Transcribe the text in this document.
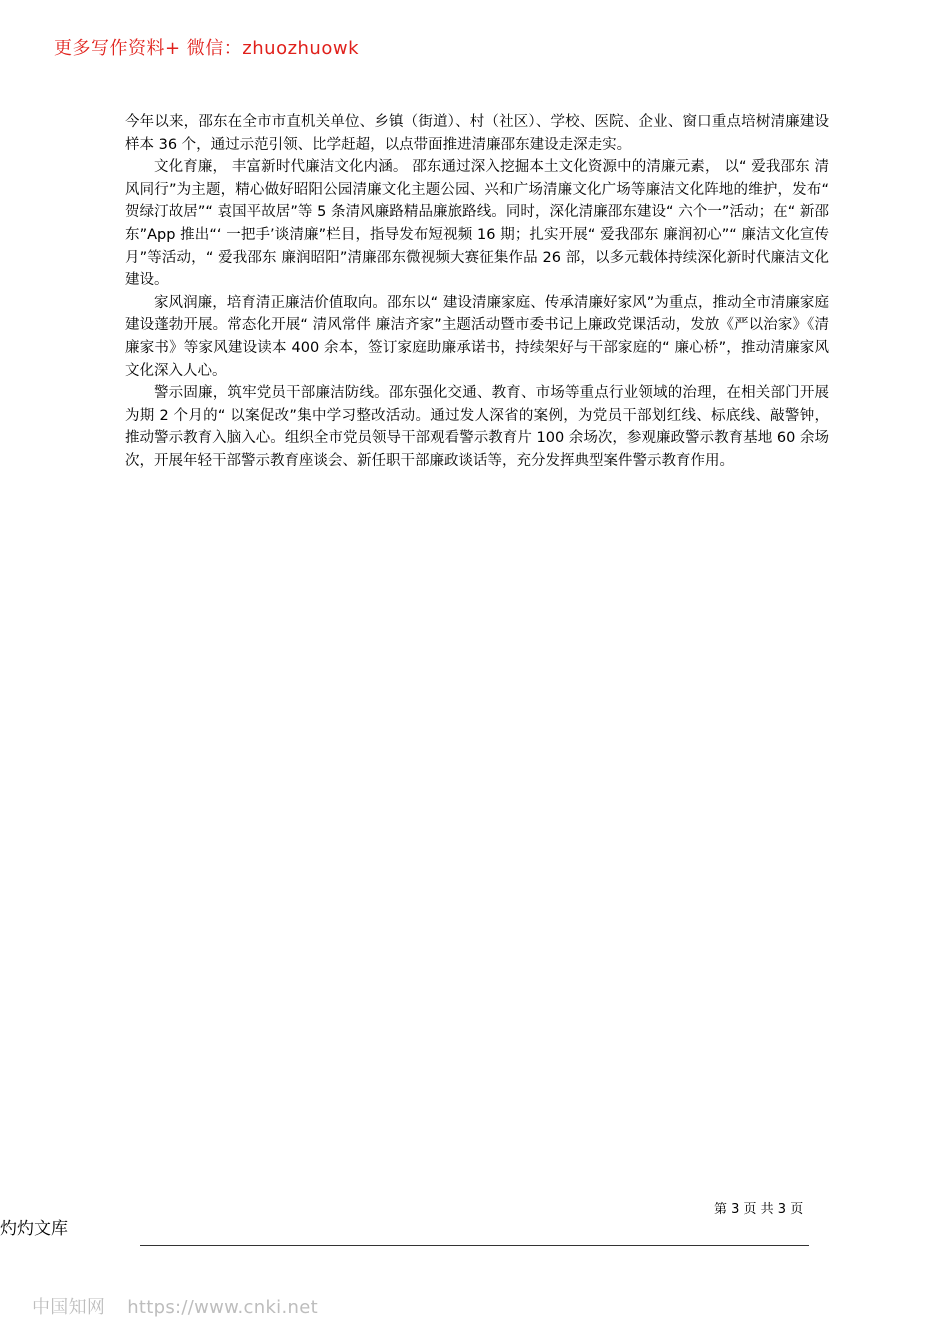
更多写作资料+ 微信：zhuozhuowk

今年以来，邵东在全市市直机关单位、乡镇（街道）、村（社区）、学校、医院、企业、窗口重点培树清廉建设样本 36 个，通过示范引领、比学赶超，以点带面推进清廉邵东建设走深走实。

文化育廉， 丰富新时代廉洁文化内涵。 邵东通过深入挖掘本土文化资源中的清廉元素， 以“ 爱我邵东 清风同行”为主题，精心做好昭阳公园清廉文化主题公园、兴和广场清廉文化广场等廉洁文化阵地的维护，发布“ 贺绿汀故居”“ 袁国平故居”等 5 条清风廉路精品廉旅路线。同时，深化清廉邵东建设“ 六个一”活动；在“ 新邵东”App 推出“‘ 一把手’谈清廉”栏目，指导发布短视频 16 期；扎实开展“ 爱我邵东 廉润初心”“ 廉洁文化宣传月”等活动，“ 爱我邵东 廉润昭阳”清廉邵东微视频大赛征集作品 26 部，以多元载体持续深化新时代廉洁文化建设。

家风润廉，培育清正廉洁价值取向。邵东以“ 建设清廉家庭、传承清廉好家风”为重点，推动全市清廉家庭建设蓬勃开展。常态化开展“ 清风常伴 廉洁齐家”主题活动暨市委书记上廉政党课活动，发放《严以治家》《清廉家书》等家风建设读本 400 余本，签订家庭助廉承诺书，持续架好与干部家庭的“ 廉心桥”，推动清廉家风文化深入人心。

警示固廉，筑牢党员干部廉洁防线。邵东强化交通、教育、市场等重点行业领域的治理，在相关部门开展为期 2 个月的“ 以案促改”集中学习整改活动。通过发人深省的案例，为党员干部划红线、标底线、敲警钟，推动警示教育入脑入心。组织全市党员领导干部观看警示教育片 100 余场次，参观廉政警示教育基地 60 余场次，开展年轻干部警示教育座谈会、新任职干部廉政谈话等，充分发挥典型案件警示教育作用。

第 3 页 共 3 页
灼灼文库
中国知网 https://www.cnki.net
